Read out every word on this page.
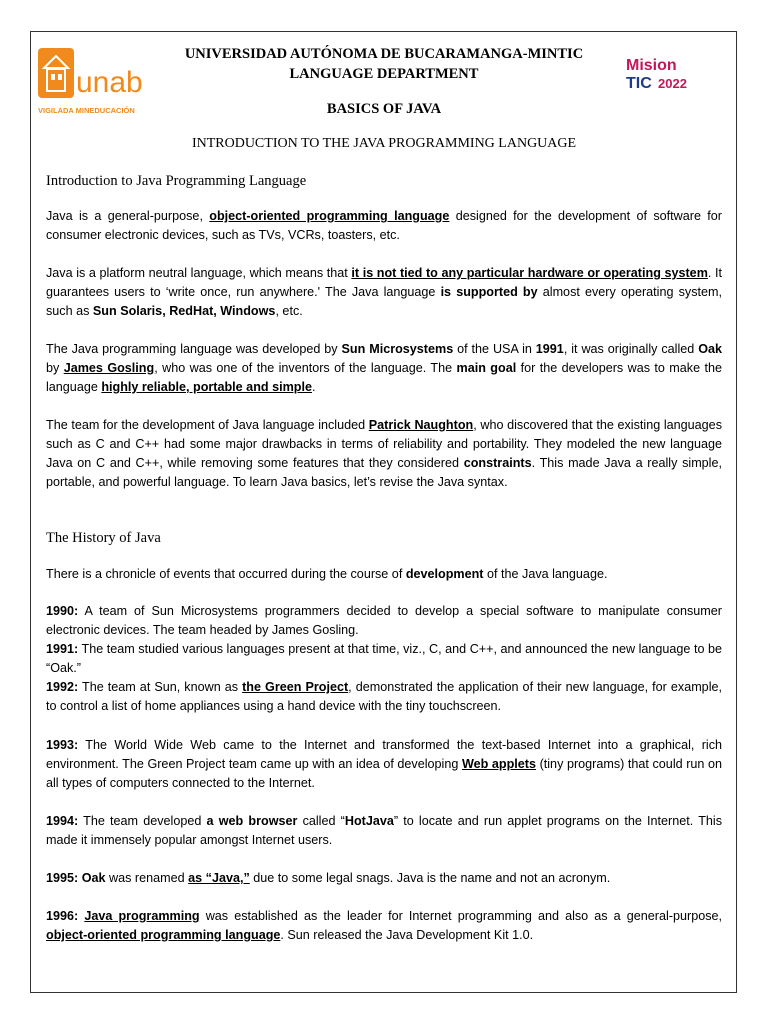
unab
VIGILADA MINEDUCACIÓN
Mision
TIC 2022
UNIVERSIDAD AUTÓNOMA DE BUCARAMANGA-MINTIC
LANGUAGE DEPARTMENT
BASICS OF JAVA
INTRODUCTION TO THE JAVA PROGRAMMING LANGUAGE
Introduction to Java Programming Language

Java is a general-purpose, object-oriented programming language designed for the development of software for consumer electronic devices, such as TVs, VCRs, toasters, etc.

Java is a platform neutral language, which means that it is not tied to any particular hardware or operating system. It guarantees users to ‘write once, run anywhere.' The Java language is supported by almost every operating system, such as Sun Solaris, RedHat, Windows, etc.

The Java programming language was developed by Sun Microsystems of the USA in 1991, it was originally called Oak by James Gosling, who was one of the inventors of the language. The main goal for the developers was to make the language highly reliable, portable and simple.

The team for the development of Java language included Patrick Naughton, who discovered that the existing languages such as C and C++ had some major drawbacks in terms of reliability and portability. They modeled the new language Java on C and C++, while removing some features that they considered constraints. This made Java a really simple, portable, and powerful language. To learn Java basics, let’s revise the Java syntax.

The History of Java

There is a chronicle of events that occurred during the course of development of the Java language.

1990: A team of Sun Microsystems programmers decided to develop a special software to manipulate consumer electronic devices. The team headed by James Gosling.
1991: The team studied various languages present at that time, viz., C, and C++, and announced the new language to be “Oak.”
1992: The team at Sun, known as the Green Project, demonstrated the application of their new language, for example, to control a list of home appliances using a hand device with the tiny touchscreen.

1993: The World Wide Web came to the Internet and transformed the text-based Internet into a graphical, rich environment. The Green Project team came up with an idea of developing Web applets (tiny programs) that could run on all types of computers connected to the Internet.

1994: The team developed a web browser called “HotJava” to locate and run applet programs on the Internet. This made it immensely popular amongst Internet users.

1995: Oak was renamed as “Java,” due to some legal snags. Java is the name and not an acronym.

1996: Java programming was established as the leader for Internet programming and also as a general-purpose, object-oriented programming language. Sun released the Java Development Kit 1.0.
